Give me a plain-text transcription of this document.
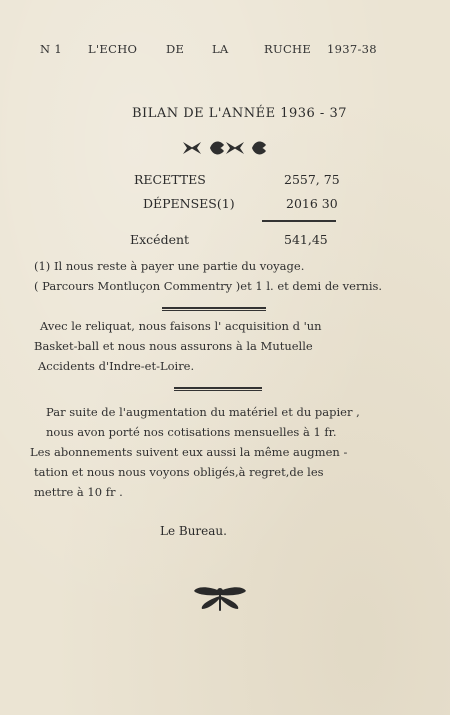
N 1 L'ECHO	DE LA	RUCHE 1937-38
BILAN DE L'ANNÉE 1936 - 37
RECETTES	2557, 75
DÉPENSES(1)	2016 30
Excédent	541,45
(1) Il nous reste à payer une partie du voyage.
( Parcours Montluçon Commentry )et 1 l. et demi de vernis.
Avec le reliquat, nous faisons l' acquisition d 'un
Basket-ball et nous nous assurons à la Mutuelle
Accidents d'Indre-et-Loire.
Par suite de l'augmentation du matériel et du papier ,
nous avon porté nos cotisations mensuelles à 1 fr.
Les abonnements suivent eux aussi la même augmen -
tation et nous nous voyons obligés,à regret,de les
mettre à 10 fr .
Le Bureau.
